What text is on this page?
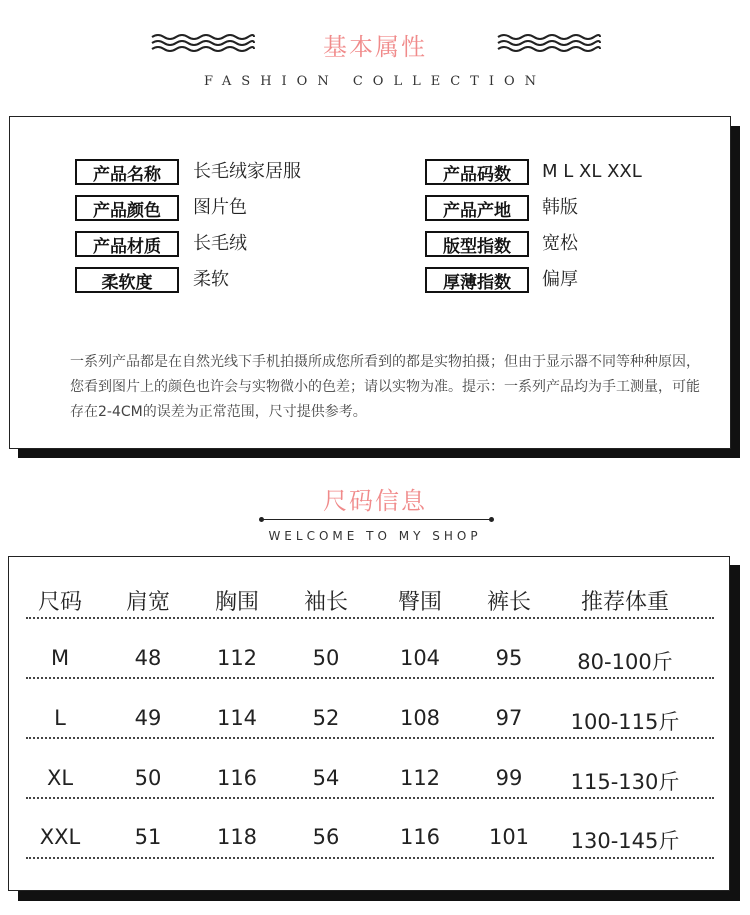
基本属性
FASHION COLLECTION
产品名称	长毛绒家居服
产品颜色	图片色
产品材质	长毛绒
柔软度	柔软
产品码数	M L XL XXL
产品产地	韩版
版型指数	宽松
厚薄指数	偏厚
一系列产品都是在自然光线下手机拍摄所成您所看到的都是实物拍摄；但由于显示器不同等种种原因，您看到图片上的颜色也许会与实物微小的色差；请以实物为准。提示：一系列产品均为手工测量，可能存在2-4CM的误差为正常范围，尺寸提供参考。
尺码信息
WELCOME TO MY SHOP
尺码	肩宽	胸围	袖长	臀围	裤长	推荐体重
M	48	112	50	104	95	80-100斤
L	49	114	52	108	97	100-115斤
XL	50	116	54	112	99	115-130斤
XXL	51	118	56	116	101	130-145斤
